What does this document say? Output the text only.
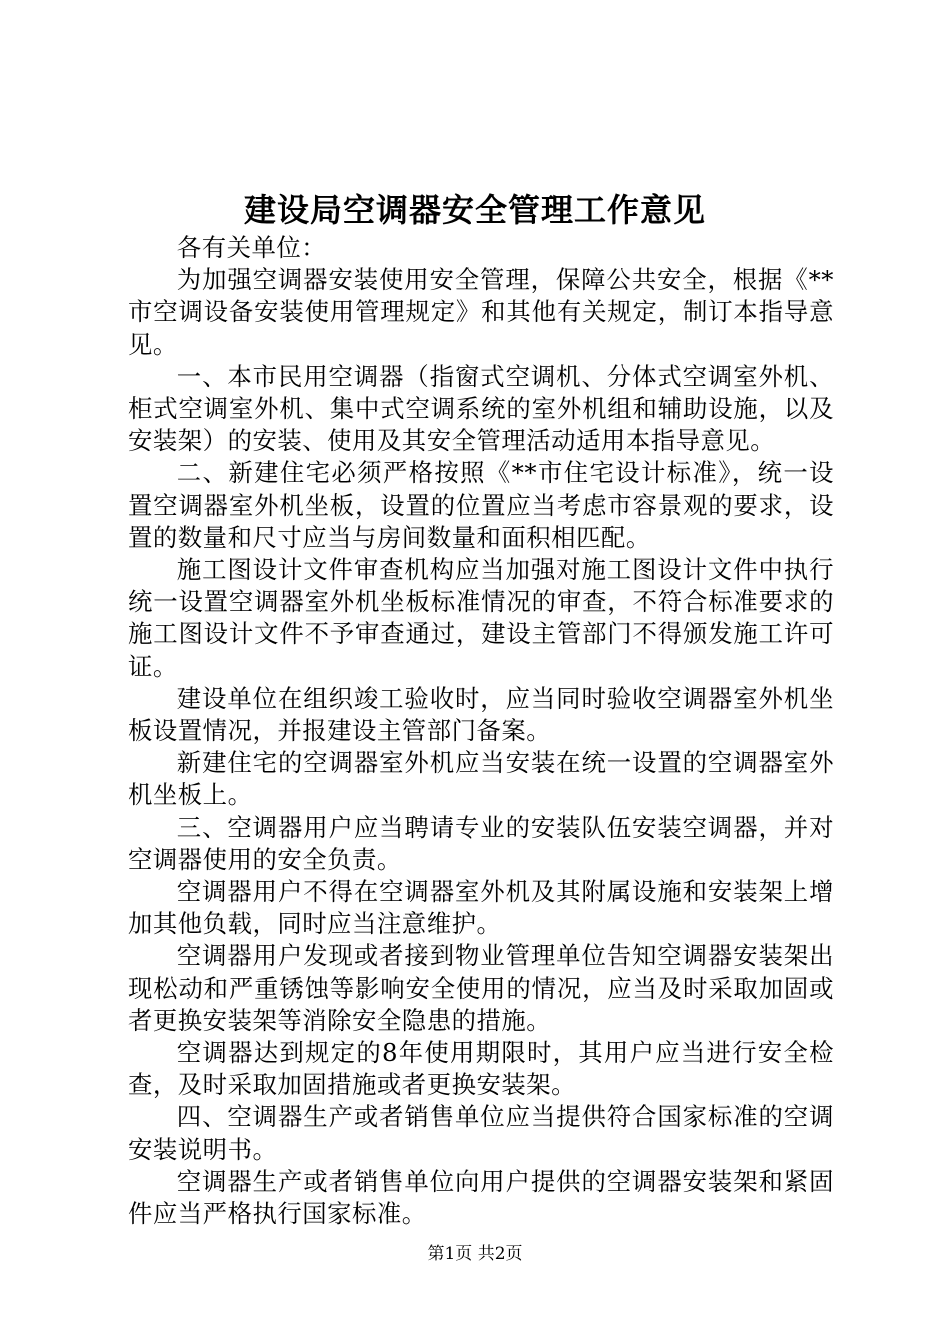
建设局空调器安全管理工作意见

各有关单位：

为加强空调器安装使用安全管理，保障公共安全，根据《**市空调设备安装使用管理规定》和其他有关规定，制订本指导意见。

一、本市民用空调器（指窗式空调机、分体式空调室外机、柜式空调室外机、集中式空调系统的室外机组和辅助设施，以及安装架）的安装、使用及其安全管理活动适用本指导意见。

二、新建住宅必须严格按照《**市住宅设计标准》，统一设置空调器室外机坐板，设置的位置应当考虑市容景观的要求，设置的数量和尺寸应当与房间数量和面积相匹配。

施工图设计文件审查机构应当加强对施工图设计文件中执行统一设置空调器室外机坐板标准情况的审查，不符合标准要求的施工图设计文件不予审查通过，建设主管部门不得颁发施工许可证。

建设单位在组织竣工验收时，应当同时验收空调器室外机坐板设置情况，并报建设主管部门备案。

新建住宅的空调器室外机应当安装在统一设置的空调器室外机坐板上。

三、空调器用户应当聘请专业的安装队伍安装空调器，并对空调器使用的安全负责。

空调器用户不得在空调器室外机及其附属设施和安装架上增加其他负载，同时应当注意维护。

空调器用户发现或者接到物业管理单位告知空调器安装架出现松动和严重锈蚀等影响安全使用的情况，应当及时采取加固或者更换安装架等消除安全隐患的措施。

空调器达到规定的8年使用期限时，其用户应当进行安全检查，及时采取加固措施或者更换安装架。

四、空调器生产或者销售单位应当提供符合国家标准的空调安装说明书。

空调器生产或者销售单位向用户提供的空调器安装架和紧固件应当严格执行国家标准。

第1页 共2页
